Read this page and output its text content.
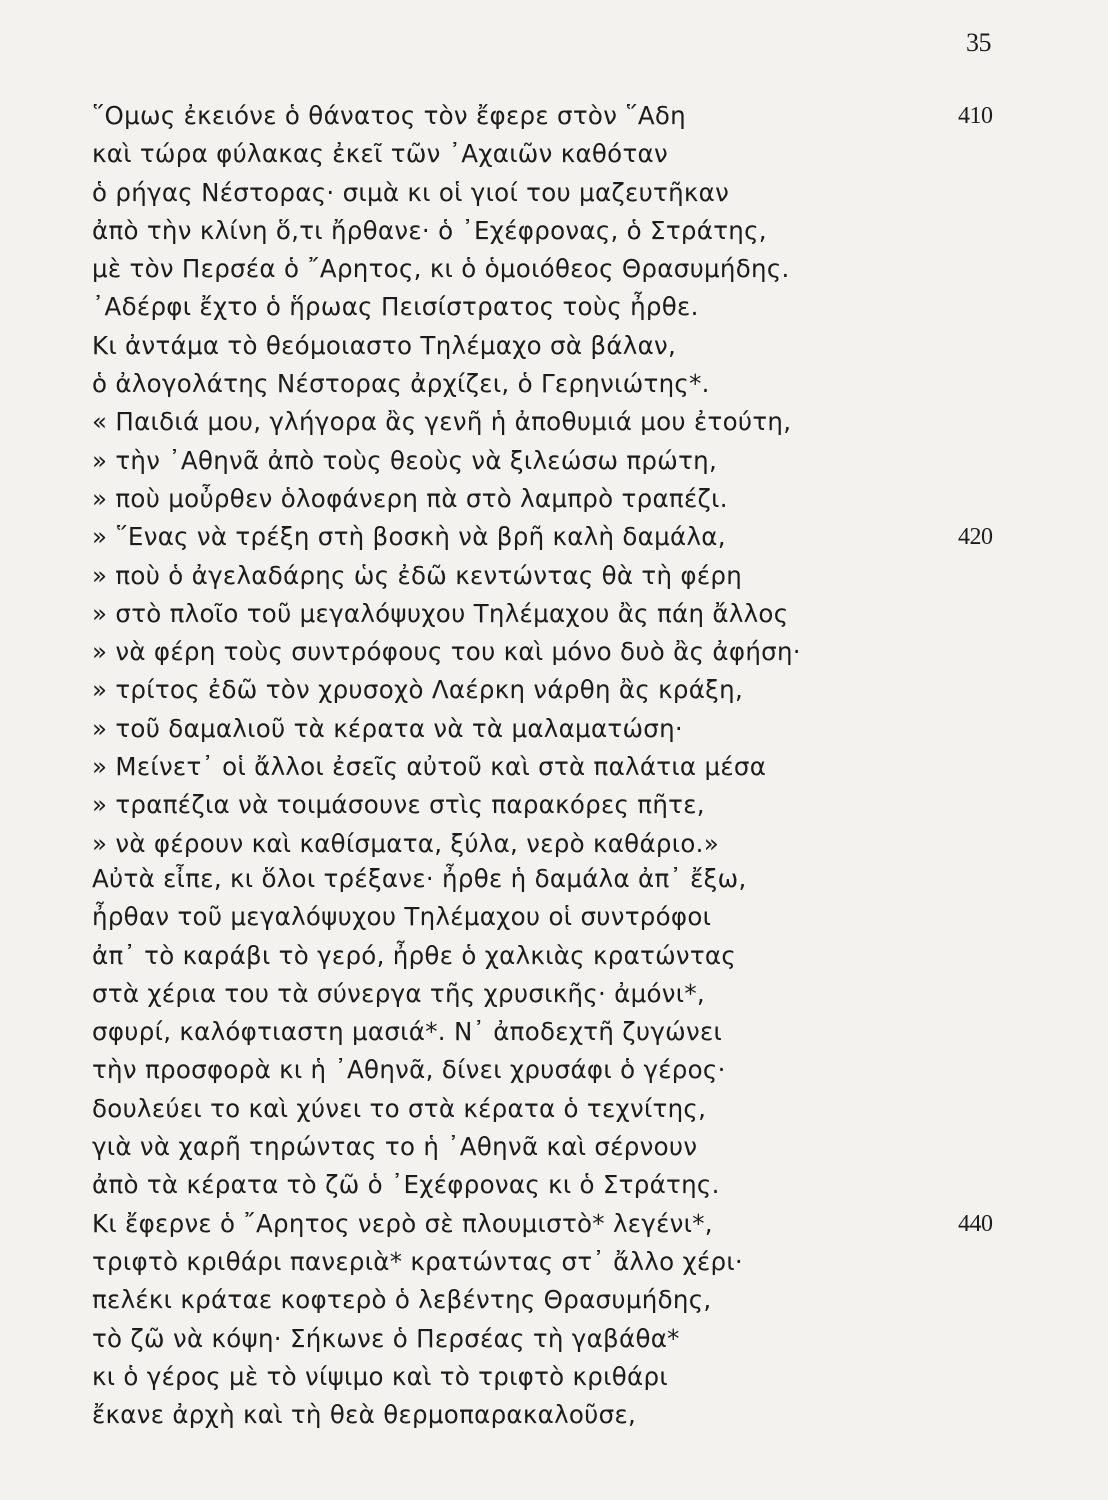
35
῞Ομως ἐκειόνε ὁ θάνατος τὸν ἔφερε στὸν ῞Αδη	410
καὶ τώρα φύλακας ἐκεῖ τῶν ᾿Αχαιῶν καθόταν
ὁ ρήγας Νέστορας· σιμὰ κι οἱ γιοί του μαζευτῆκαν
ἀπὸ τὴν κλίνη ὅ,τι ἤρθανε· ὁ ᾿Εχέφρονας, ὁ Στράτης,
μὲ τὸν Περσέα ὁ ῎Αρητος, κι ὁ ὁμοιόθεος Θρασυμήδης.
᾿Αδέρφι ἔχτο ὁ ἥρωας Πεισίστρατος τοὺς ἦρθε.
Κι ἀντάμα τὸ θεόμοιαστο Τηλέμαχο σὰ βάλαν,
ὁ ἀλογολάτης Νέστορας ἀρχίζει, ὁ Γερηνιώτης*.
« Παιδιά μου, γλήγορα ἂς γενῆ ἡ ἀποθυμιά μου ἐτούτη,
» τὴν ᾿Αθηνᾶ ἀπὸ τοὺς θεοὺς νὰ ξιλεώσω πρώτη,
» ποὺ μοὖρθεν ὁλοφάνερη πὰ στὸ λαμπρὸ τραπέζι.
» ῞Ενας νὰ τρέξη στὴ βοσκὴ νὰ βρῆ καλὴ δαμάλα,	420
» ποὺ ὁ ἀγελαδάρης ὡς ἐδῶ κεντώντας θὰ τὴ φέρη
» στὸ πλοῖο τοῦ μεγαλόψυχου Τηλέμαχου ἂς πάη ἄλλος
» νὰ φέρη τοὺς συντρόφους του καὶ μόνο δυὸ ἂς ἀφήση·
» τρίτος ἐδῶ τὸν χρυσοχὸ Λαέρκη νάρθη ἂς κράξη,
» τοῦ δαμαλιοῦ τὰ κέρατα νὰ τὰ μαλαματώση·
» Μείνετ᾿ οἱ ἄλλοι ἐσεῖς αὐτοῦ καὶ στὰ παλάτια μέσα
» τραπέζια νὰ τοιμάσουνε στὶς παρακόρες πῆτε,
» νὰ φέρουν καὶ καθίσματα, ξύλα, νερὸ καθάριο.»
Αὐτὰ εἶπε, κι ὅλοι τρέξανε· ἦρθε ἡ δαμάλα ἀπ᾿ ἔξω,
ἦρθαν τοῦ μεγαλόψυχου Τηλέμαχου οἱ συντρόφοι
ἀπ᾿ τὸ καράβι τὸ γερό, ἦρθε ὁ χαλκιὰς κρατώντας
στὰ χέρια του τὰ σύνεργα τῆς χρυσικῆς· ἀμόνι*,
σφυρί, καλόφτιαστη μασιά*. Ν᾿ ἀποδεχτῆ ζυγώνει
τὴν προσφορὰ κι ἡ ᾿Αθηνᾶ, δίνει χρυσάφι ὁ γέρος·
δουλεύει το καὶ χύνει το στὰ κέρατα ὁ τεχνίτης,
γιὰ νὰ χαρῆ τηρώντας το ἡ ᾿Αθηνᾶ καὶ σέρνουν
ἀπὸ τὰ κέρατα τὸ ζῶ ὁ ᾿Εχέφρονας κι ὁ Στράτης.
Κι ἔφερνε ὁ ῎Αρητος νερὸ σὲ πλουμιστὸ* λεγένι*,	440
τριφτὸ κριθάρι πανεριὰ* κρατώντας στ᾿ ἄλλο χέρι·
πελέκι κράταε κοφτερὸ ὁ λεβέντης Θρασυμήδης,
τὸ ζῶ νὰ κόψη· Σήκωνε ὁ Περσέας τὴ γαβάθα*
κι ὁ γέρος μὲ τὸ νίψιμο καὶ τὸ τριφτὸ κριθάρι
ἔκανε ἀρχὴ καὶ τὴ θεὰ θερμοπαρακαλοῦσε,
